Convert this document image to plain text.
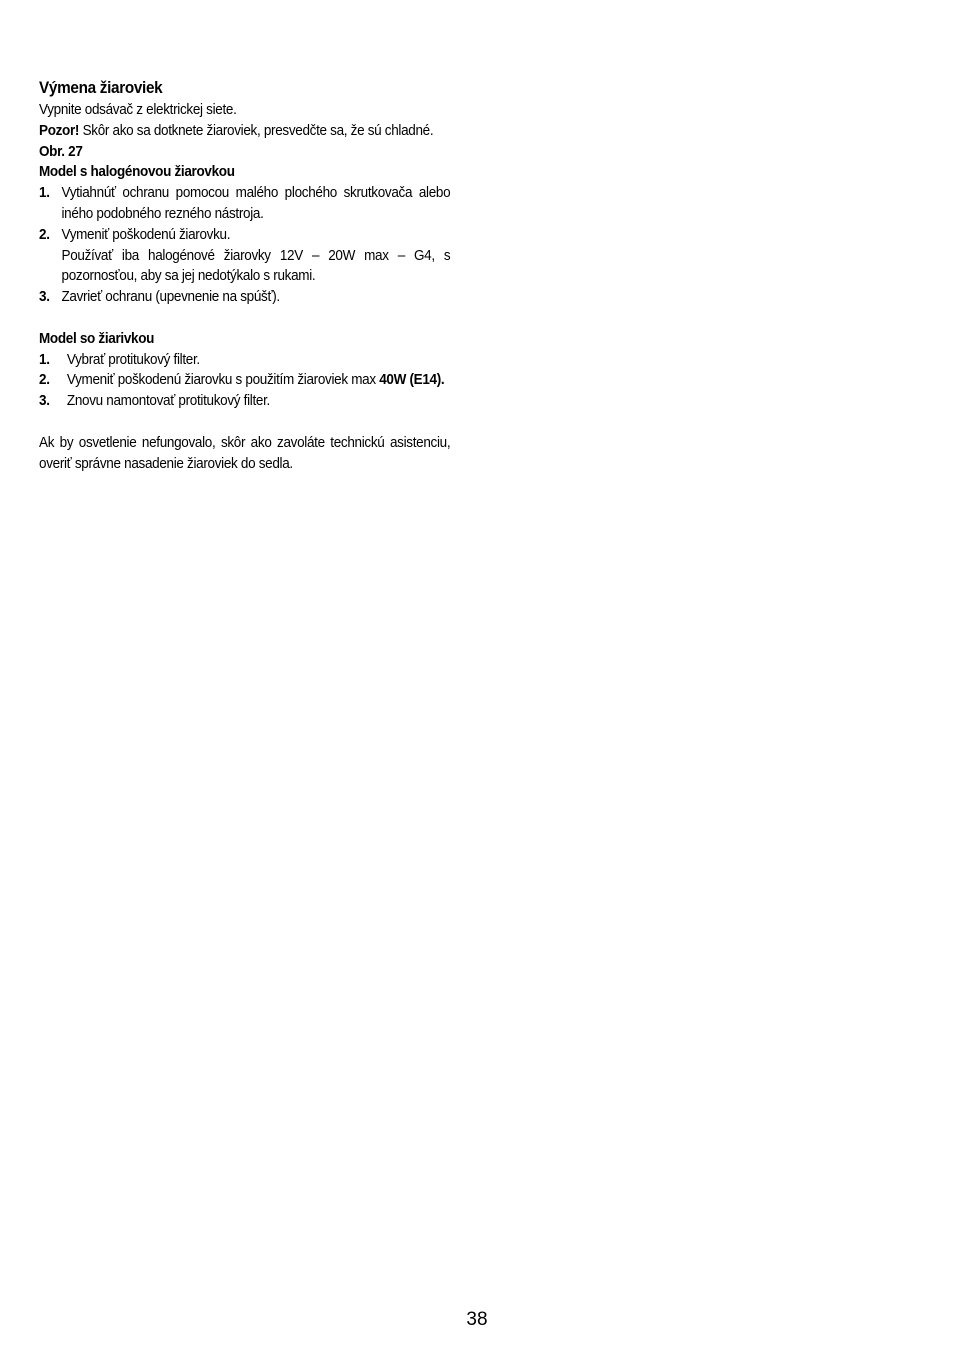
Výmena žiaroviek

Vypnite odsávač z elektrickej siete.

Pozor! Skôr ako sa dotknete žiaroviek, presvedčte sa, že sú chladné.

Obr. 27

Model s halogénovou žiarovkou

1. Vytiahnúť ochranu pomocou malého plochého skrutkovača alebo iného podobného rezného nástroja.
2. Vymeniť poškodenú žiarovku.
Používať iba halogénové žiarovky 12V – 20W max – G4, s pozornosťou, aby sa jej nedotýkalo s rukami.
3. Zavrieť ochranu (upevnenie na spúšť).

Model so žiarivkou

1.	Vybrať protitukový filter.
2.	Vymeniť poškodenú žiarovku s použitím žiaroviek max 40W (E14).
3.	Znovu namontovať protitukový filter.

Ak by osvetlenie nefungovalo, skôr ako zavoláte technickú asistenciu, overiť správne nasadenie žiaroviek do sedla.

38
